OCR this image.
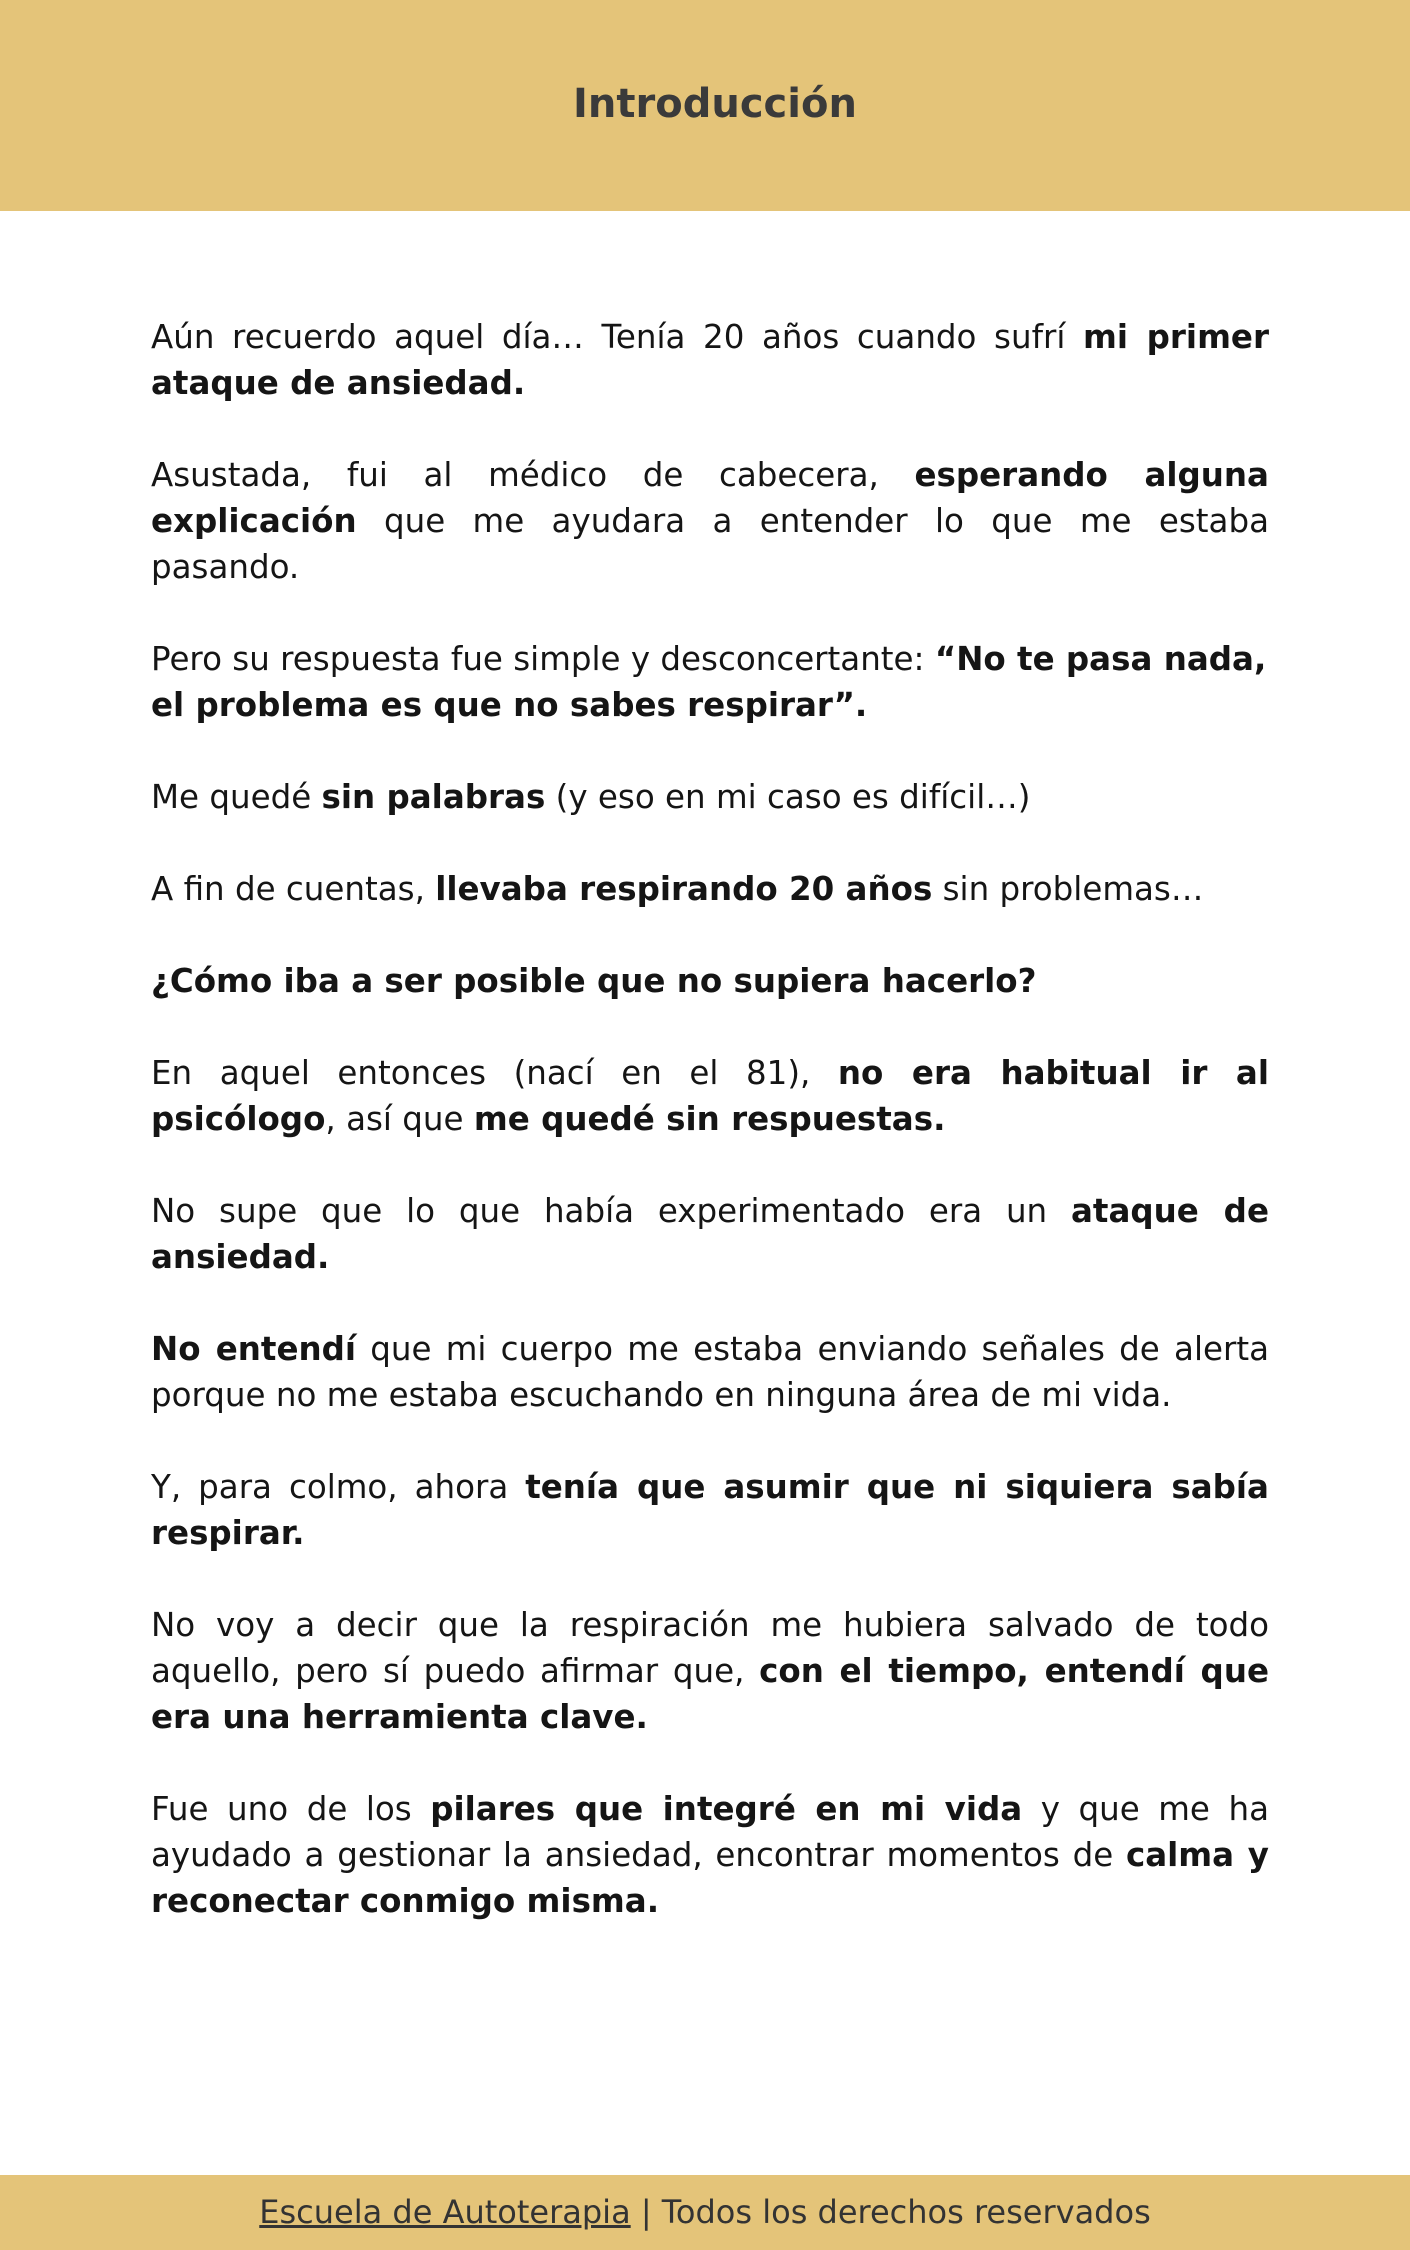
Introducción

Aún recuerdo aquel día… Tenía 20 años cuando sufrí mi primer ataque de ansiedad.

Asustada, fui al médico de cabecera, esperando alguna explicación que me ayudara a entender lo que me estaba pasando.

Pero su respuesta fue simple y desconcertante: “No te pasa nada, el problema es que no sabes respirar”.

Me quedé sin palabras (y eso en mi caso es difícil…)

A fin de cuentas, llevaba respirando 20 años sin problemas…

¿Cómo iba a ser posible que no supiera hacerlo?

En aquel entonces (nací en el 81), no era habitual ir al psicólogo, así que me quedé sin respuestas.

No supe que lo que había experimentado era un ataque de ansiedad.

No entendí que mi cuerpo me estaba enviando señales de alerta porque no me estaba escuchando en ninguna área de mi vida.

Y, para colmo, ahora tenía que asumir que ni siquiera sabía respirar.

No voy a decir que la respiración me hubiera salvado de todo aquello, pero sí puedo afirmar que, con el tiempo, entendí que era una herramienta clave.

Fue uno de los pilares que integré en mi vida y que me ha ayudado a gestionar la ansiedad, encontrar momentos de calma y reconectar conmigo misma.

Escuela de Autoterapia | Todos los derechos reservados
